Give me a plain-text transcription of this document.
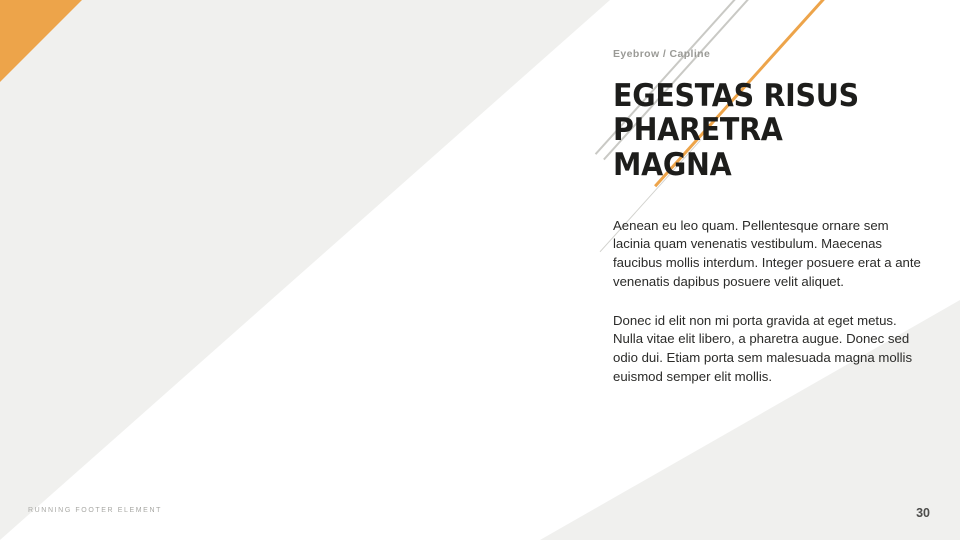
Eyebrow / Capline
EGESTAS RISUS
PHARETRA MAGNA

Aenean eu leo quam. Pellentesque ornare sem lacinia quam venenatis vestibulum. Maecenas faucibus mollis interdum. Integer posuere erat a ante venenatis dapibus posuere velit aliquet.

Donec id elit non mi porta gravida at eget metus. Nulla vitae elit libero, a pharetra augue. Donec sed odio dui. Etiam porta sem malesuada magna mollis euismod semper elit mollis.

RUNNING FOOTER ELEMENT	30
